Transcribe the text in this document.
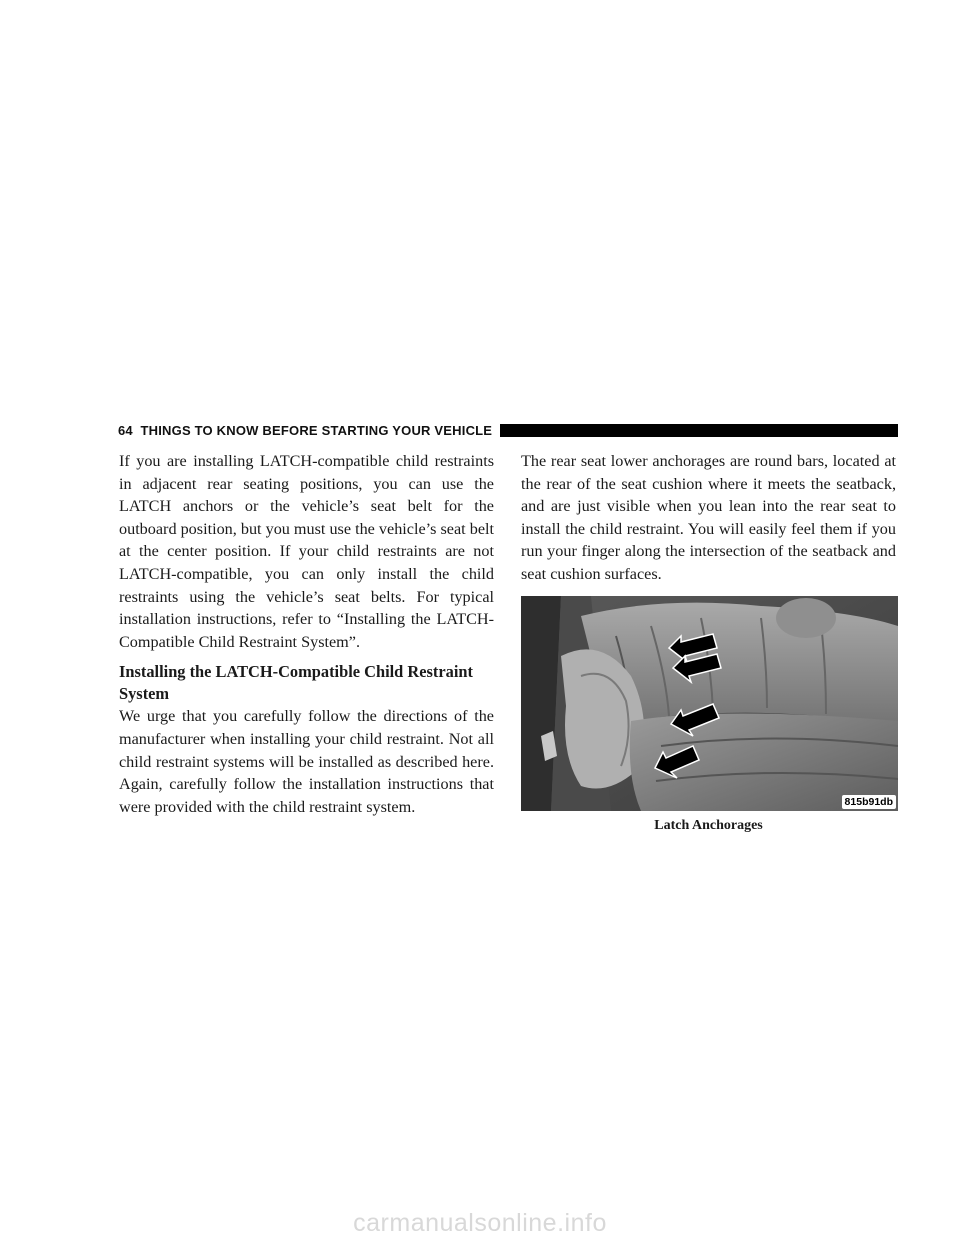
64 THINGS TO KNOW BEFORE STARTING YOUR VEHICLE

If you are installing LATCH-compatible child restraints in adjacent rear seating positions, you can use the LATCH anchors or the vehicle’s seat belt for the outboard position, but you must use the vehicle’s seat belt at the center position. If your child restraints are not LATCH-compatible, you can only install the child restraints using the vehicle’s seat belts. For typical installation instructions, refer to “Installing the LATCH-Compatible Child Restraint System”.

Installing the LATCH-Compatible Child Restraint System

We urge that you carefully follow the directions of the manufacturer when installing your child restraint. Not all child restraint systems will be installed as described here. Again, carefully follow the installation instructions that were provided with the child restraint system.

The rear seat lower anchorages are round bars, located at the rear of the seat cushion where it meets the seatback, and are just visible when you lean into the rear seat to install the child restraint. You will easily feel them if you run your finger along the intersection of the seatback and seat cushion surfaces.

815b91db
Latch Anchorages
carmanualsonline.info
